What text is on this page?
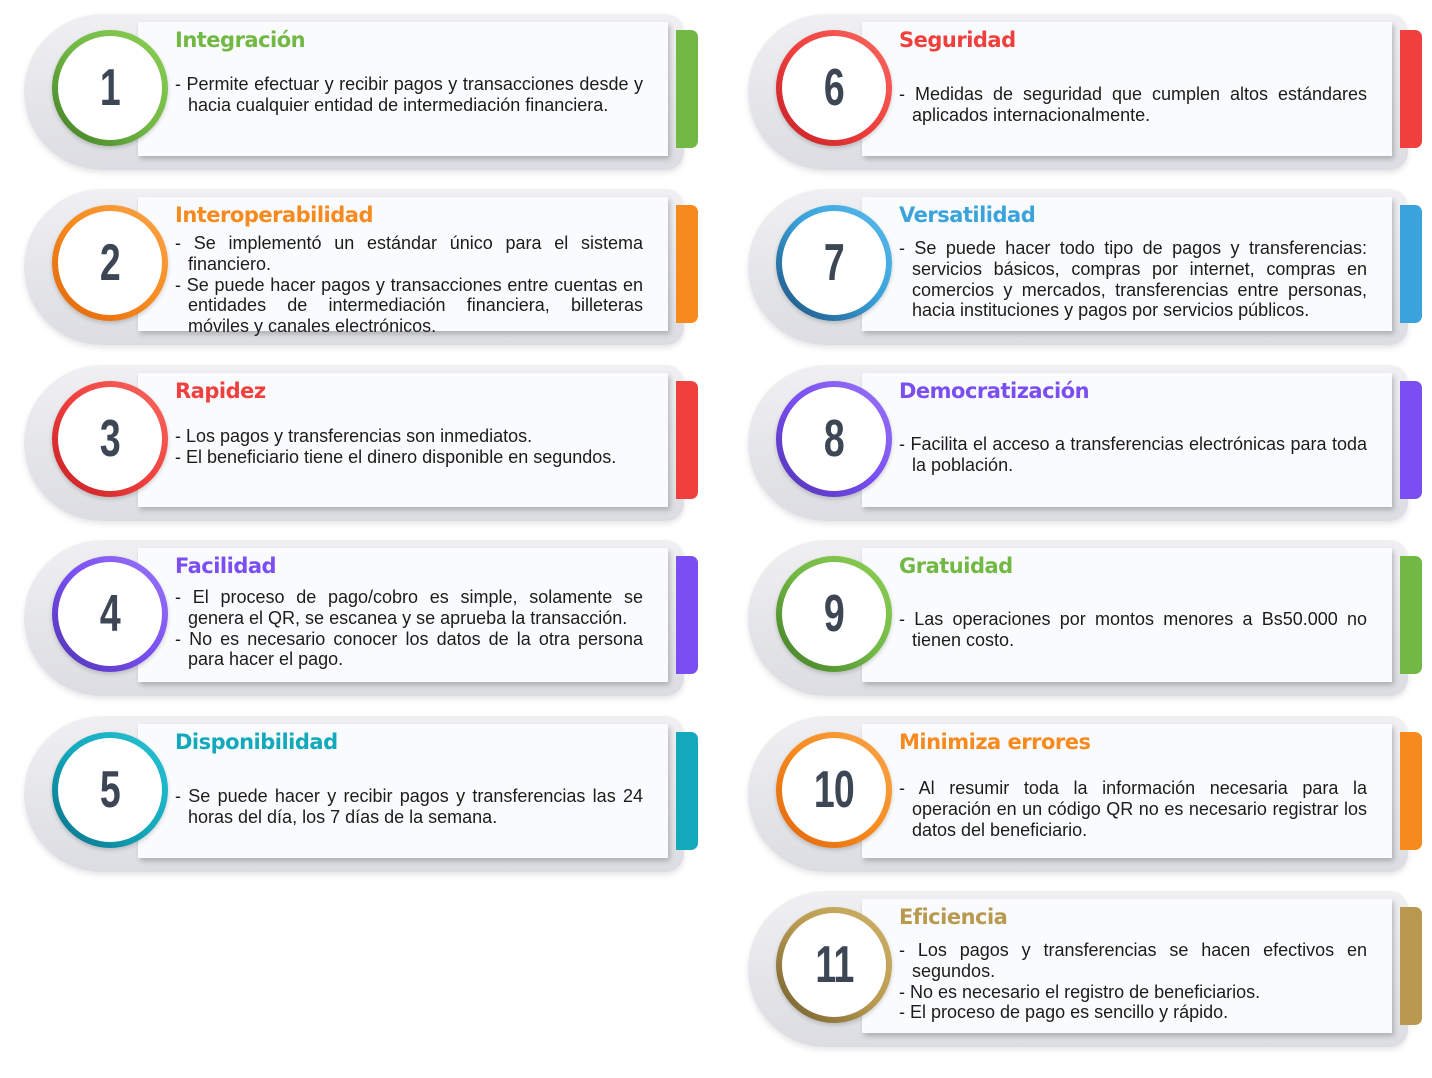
1
Integración
- Permite efectuar y recibir pagos y transacciones desde y hacia cualquier entidad de intermediación financiera.
2
Interoperabilidad
- Se implementó un estándar único para el sistema financiero.
- Se puede hacer pagos y transacciones entre cuentas en entidades de intermediación financiera, billeteras móviles y canales electrónicos.
3
Rapidez
- Los pagos y transferencias son inmediatos.
- El beneficiario tiene el dinero disponible en segundos.
4
Facilidad
- El proceso de pago/cobro es simple, solamente se genera el QR, se escanea y se aprueba la transacción.
- No es necesario conocer los datos de la otra persona para hacer el pago.
5
Disponibilidad
- Se puede hacer y recibir pagos y transferencias las 24 horas del día, los 7 días de la semana.
6
Seguridad
- Medidas de seguridad que cumplen altos estándares aplicados internacionalmente.
7
Versatilidad
- Se puede hacer todo tipo de pagos y transferencias: servicios básicos, compras por internet, compras en comercios y mercados, transferencias entre personas, hacia instituciones y pagos por servicios públicos.
8
Democratización
- Facilita el acceso a transferencias electrónicas para toda la población.
9
Gratuidad
- Las operaciones por montos menores a Bs50.000 no tienen costo.
10
Minimiza errores
- Al resumir toda la información necesaria para la operación en un código QR no es necesario registrar los datos del beneficiario.
11
Eficiencia
- Los pagos y transferencias se hacen efectivos en segundos.
- No es necesario el registro de beneficiarios.
- El proceso de pago es sencillo y rápido.
